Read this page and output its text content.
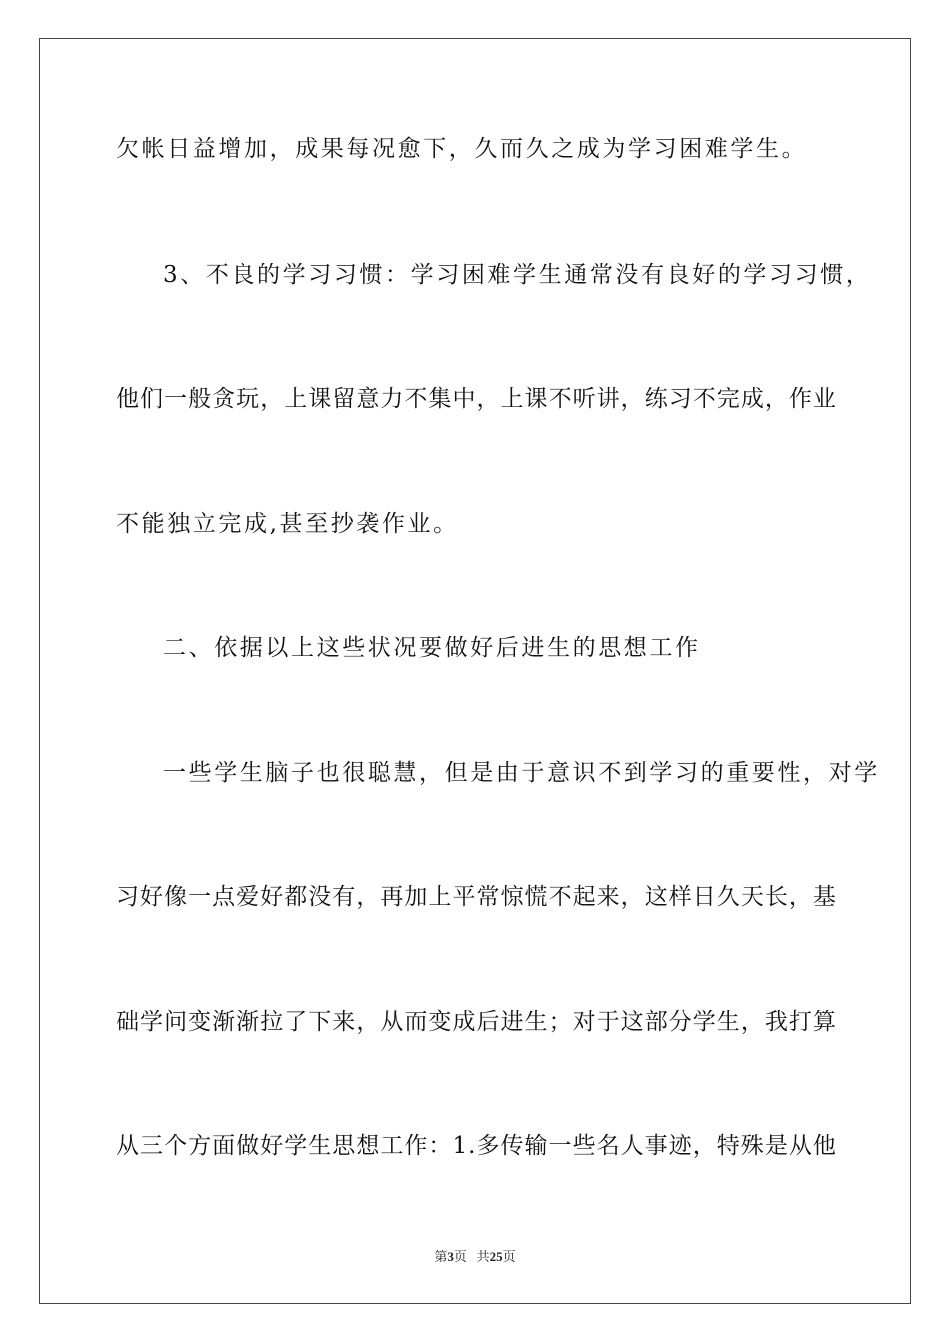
欠帐日益增加，成果每况愈下，久而久之成为学习困难学生。
3、不良的学习习惯：学习困难学生通常没有良好的学习习惯，
他 们 一 般 贪 玩 ， 上 课 留 意 力 不 集 中 ， 上 课 不 听 讲 ， 练 习 不 完 成 ， 作 业
不能独立完成,甚至抄袭作业。
二、依据以上这些状况要做好后进生的思想工作
一些学生脑子也很聪慧，但是由于意识不到学习的重要性，对学
习 好 像 一 点 爱 好 都 没 有 ， 再 加 上 平 常 惊 慌 不 起 来 ， 这 样 日 久 天 长 ， 基
础 学 问 变 渐 渐 拉 了 下 来 ， 从 而 变 成 后 进 生 ； 对 于 这 部 分 学 生 ， 我 打 算
从 三 个 方 面 做 好 学 生 思 想 工 作 ： 1 . 多 传 输 一 些 名 人 事 迹 ， 特 殊 是 从 他
第3页 共25页
